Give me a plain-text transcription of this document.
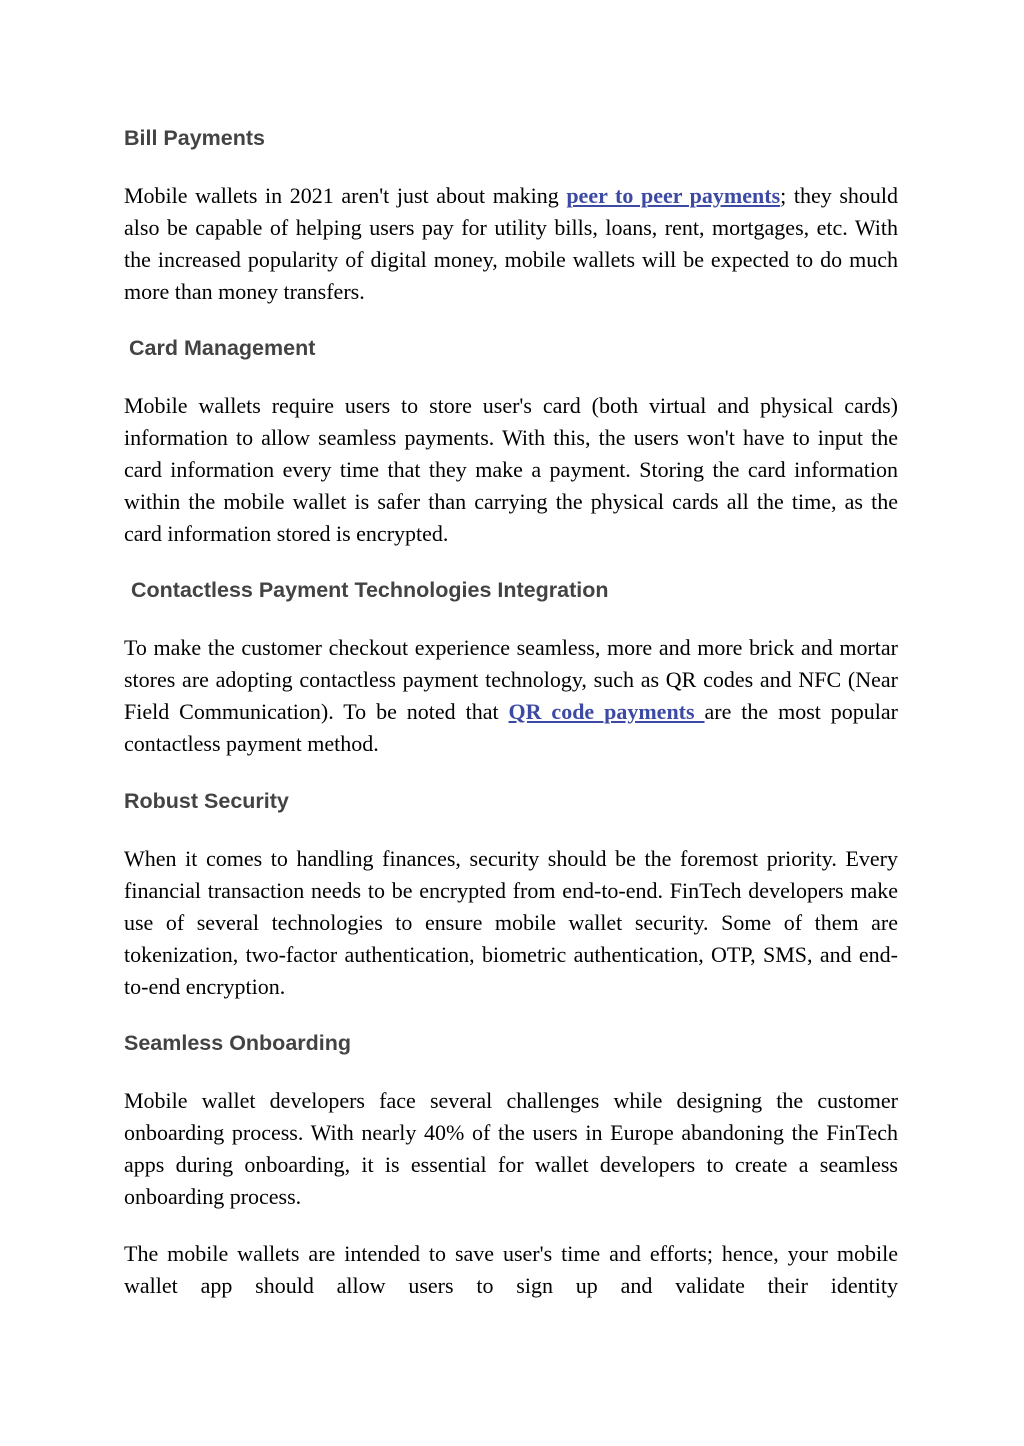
Bill Payments

Mobile wallets in 2021 aren't just about making peer to peer payments; they should also be capable of helping users pay for utility bills, loans, rent, mortgages, etc. With the increased popularity of digital money, mobile wallets will be expected to do much more than money transfers.

Card Management

Mobile wallets require users to store user's card (both virtual and physical cards) information to allow seamless payments. With this, the users won't have to input the card information every time that they make a payment. Storing the card information within the mobile wallet is safer than carrying the physical cards all the time, as the card information stored is encrypted.

Contactless Payment Technologies Integration

To make the customer checkout experience seamless, more and more brick and mortar stores are adopting contactless payment technology, such as QR codes and NFC (Near Field Communication). To be noted that QR code payments are the most popular contactless payment method.

Robust Security

When it comes to handling finances, security should be the foremost priority. Every financial transaction needs to be encrypted from end-to-end. FinTech developers make use of several technologies to ensure mobile wallet security. Some of them are tokenization, two-factor authentication, biometric authentication, OTP, SMS, and end-to-end encryption.

Seamless Onboarding

Mobile wallet developers face several challenges while designing the customer onboarding process. With nearly 40% of the users in Europe abandoning the FinTech apps during onboarding, it is essential for wallet developers to create a seamless onboarding process.

The mobile wallets are intended to save user's time and efforts; hence, your mobile wallet app should allow users to sign up and validate their identity
